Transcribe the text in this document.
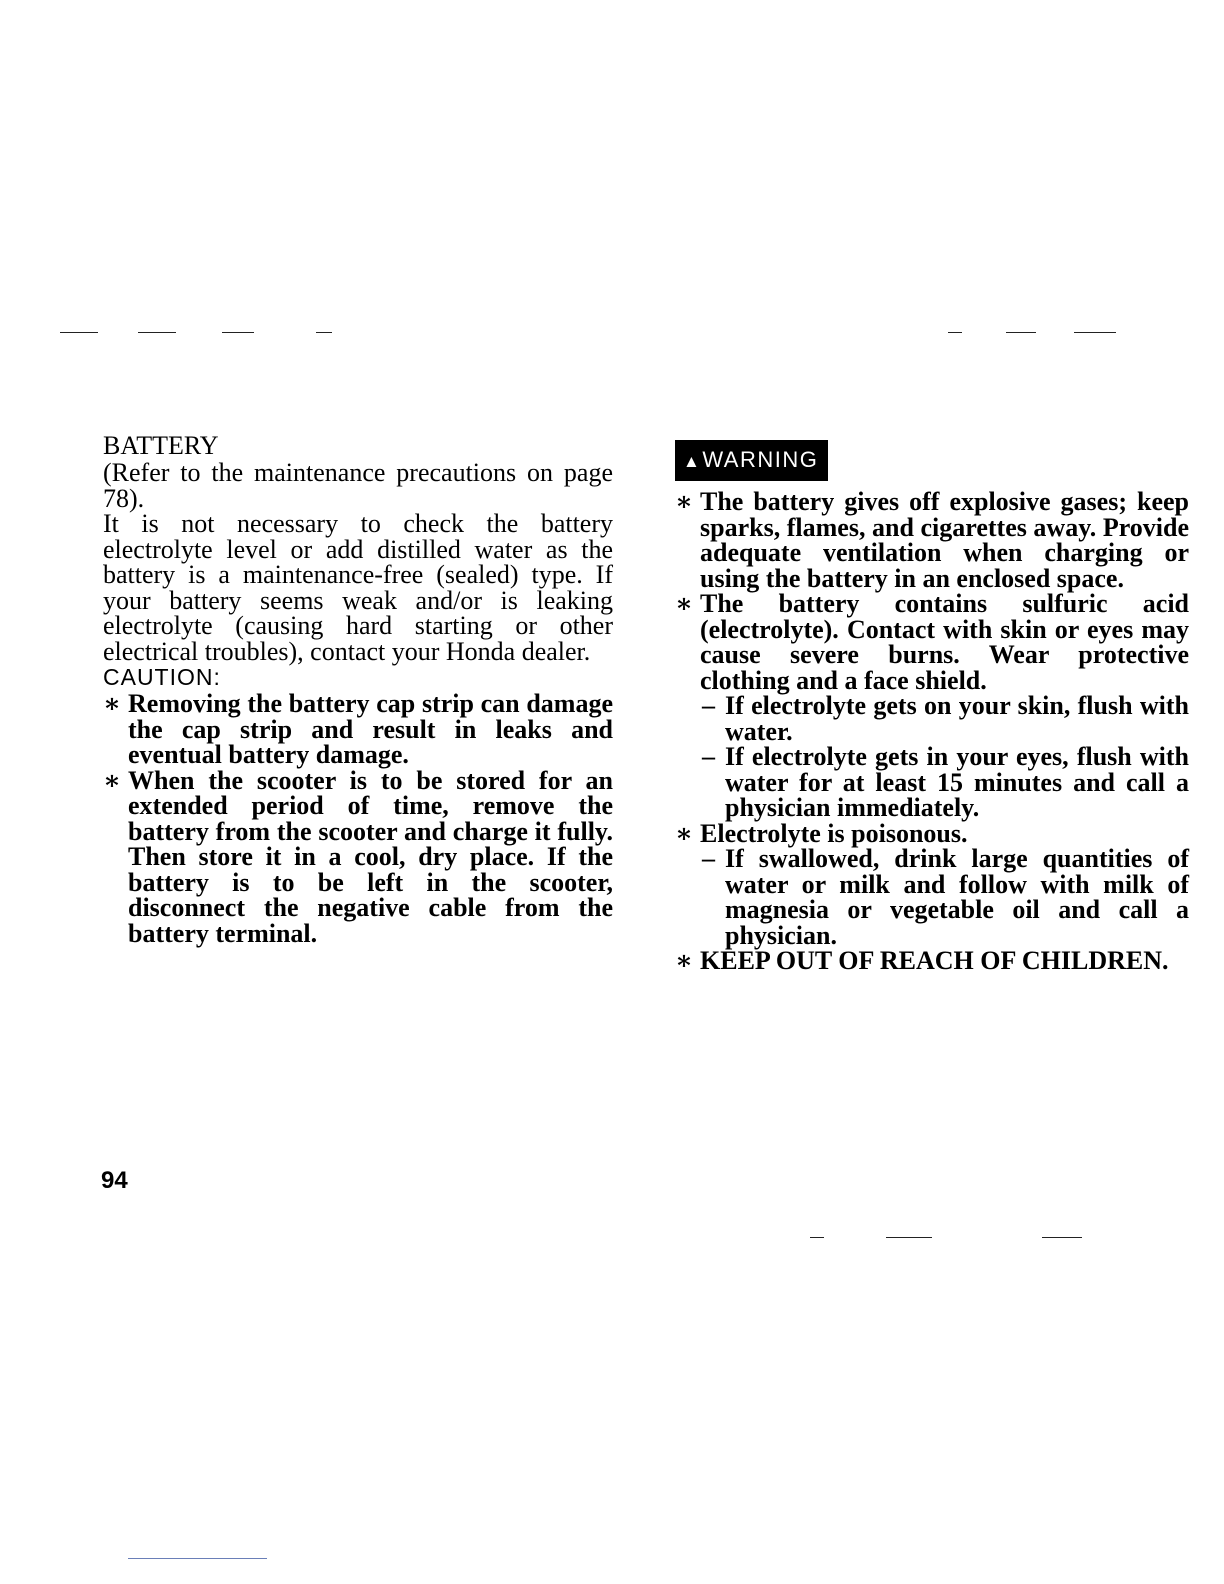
BATTERY

(Refer to the maintenance precautions on page 78).

It is not necessary to check the battery electrolyte level or add distilled water as the battery is a maintenance-free (sealed) type. If your battery seems weak and/or is leaking electrolyte (causing hard starting or other electrical troubles), contact your Honda dealer.

CAUTION:

∗ Removing the battery cap strip can damage the cap strip and result in leaks and eventual battery damage.
∗ When the scooter is to be stored for an extended period of time, remove the battery from the scooter and charge it fully. Then store it in a cool, dry place. If the battery is to be left in the scooter, disconnect the negative cable from the battery terminal.
▲WARNING
∗ The battery gives off explosive gases; keep sparks, flames, and cigarettes away. Provide adequate ventilation when charging or using the battery in an enclosed space.
∗ The battery contains sulfuric acid (electrolyte). Contact with skin or eyes may cause severe burns. Wear protective clothing and a face shield.
– If electrolyte gets on your skin, flush with water.
– If electrolyte gets in your eyes, flush with water for at least 15 minutes and call a physician immediately.
∗ Electrolyte is poisonous.
– If swallowed, drink large quantities of water or milk and follow with milk of magnesia or vegetable oil and call a physician.
∗ KEEP OUT OF REACH OF CHILDREN.

94
